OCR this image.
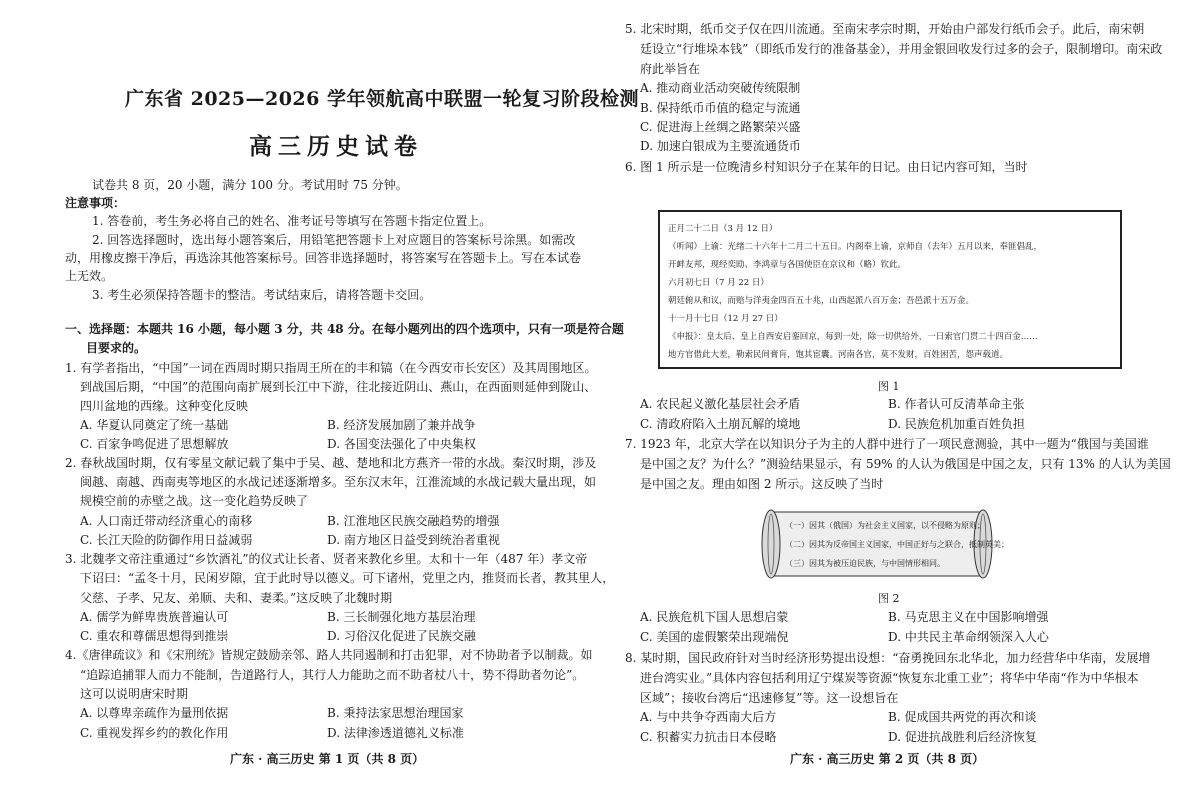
广东省 2025—2026 学年领航高中联盟一轮复习阶段检测
高三历史试卷
试卷共 8 页，20 小题，满分 100 分。考试用时 75 分钟。
注意事项：
1. 答卷前，考生务必将自己的姓名、准考证号等填写在答题卡指定位置上。
2. 回答选择题时，选出每小题答案后，用铅笔把答题卡上对应题目的答案标号涂黑。如需改
动，用橡皮擦干净后，再选涂其他答案标号。回答非选择题时，将答案写在答题卡上。写在本试卷
上无效。
3. 考生必须保持答题卡的整洁。考试结束后，请将答题卡交回。
一、选择题：本题共 16 小题，每小题 3 分，共 48 分。在每小题列出的四个选项中，只有一项是符合题
目要求的。
1. 有学者指出，“中国”一词在西周时期只指周王所在的丰和镐（在今西安市长安区）及其周围地区。
到战国后期，“中国”的范围向南扩展到长江中下游，往北接近阴山、燕山，在西面则延伸到陇山、
四川盆地的西缘。这种变化反映
A. 华夏认同奠定了统一基础	B. 经济发展加剧了兼并战争
C. 百家争鸣促进了思想解放	D. 各国变法强化了中央集权
2. 春秋战国时期，仅有零星文献记载了集中于吴、越、楚地和北方燕齐一带的水战。秦汉时期，涉及
闽越、南越、西南夷等地区的水战记述逐渐增多。至东汉末年，江淮流域的水战记载大量出现，如
规模空前的赤壁之战。这一变化趋势反映了
A. 人口南迁带动经济重心的南移	B. 江淮地区民族交融趋势的增强
C. 长江天险的防御作用日益减弱	D. 南方地区日益受到统治者重视
3. 北魏孝文帝注重通过“乡饮酒礼”的仪式让长者、贤者来教化乡里。太和十一年（487 年）孝文帝
下诏曰：“孟冬十月，民闲岁隙，宜于此时导以德义。可下诸州，党里之内，推贤而长者，教其里人，
父慈、子孝、兄友、弟顺、夫和、妻柔。”这反映了北魏时期
A. 儒学为鲜卑贵族普遍认可	B. 三长制强化地方基层治理
C. 重农和尊儒思想得到推崇	D. 习俗汉化促进了民族交融
4.《唐律疏议》和《宋刑统》皆规定鼓励亲邻、路人共同遏制和打击犯罪，对不协助者予以制裁。如
“追踪追捕罪人而力不能制，告道路行人，其行人力能助之而不助者杖八十，势不得助者勿论”。
这可以说明唐宋时期
A. 以尊卑亲疏作为量刑依据	B. 秉持法家思想治理国家
C. 重视发挥乡约的教化作用	D. 法律渗透道德礼义标准
广东 · 高三历史 第 1 页（共 8 页）
5. 北宋时期，纸币交子仅在四川流通。至南宋孝宗时期，开始由户部发行纸币会子。此后，南宋朝
廷设立“行堆垛本钱”（即纸币发行的准备基金），并用金银回收发行过多的会子，限制增印。南宋政
府此举旨在
A. 推动商业活动突破传统限制
B. 保持纸币币值的稳定与流通
C. 促进海上丝绸之路繁荣兴盛
D. 加速白银成为主要流通货币
6. 图 1 所示是一位晚清乡村知识分子在某年的日记。由日记内容可知，当时
正月二十二日（3 月 12 日）
（听闻）上谕：光绪二十六年十二月二十五日。内阁奉上谕，京师自（去年）五月以来，奉匪倡乱，
开衅友邦，现经奕劻、李鸿章与各国使臣在京议和（略）钦此。
六月初七日（7 月 22 日）
朝廷俯从和议，而赔与洋夷金四百五十兆，山西起派八百万金；吾邑派十五万金。
十一月十七日（12 月 27 日）
《申报》：皇太后、皇上自西安启銮回京，每到一处，除一切供给外，一日索官门贯二十四百金……
地方官借此大差，勒索民间膏肓，饱其宦囊。河南各官，莫不发财，百姓困苦，怨声载道。
图 1
A. 农民起义激化基层社会矛盾	B. 作者认可反清革命主张
C. 清政府陷入土崩瓦解的境地	D. 民族危机加重百姓负担
7. 1923 年，北京大学在以知识分子为主的人群中进行了一项民意测验，其中一题为“俄国与美国谁
是中国之友？为什么？”测验结果显示，有 59% 的人认为俄国是中国之友，只有 13% 的人认为美国
是中国之友。理由如图 2 所示。这反映了当时
（一）因其（俄国）为社会主义国家，以不侵略为原则；
（二）因其为反帝国主义国家，中国正好与之联合，抵制英美；
（三）因其为被压迫民族，与中国情形相同。
图 2
A. 民族危机下国人思想启蒙	B. 马克思主义在中国影响增强
C. 美国的虚假繁荣出现端倪	D. 中共民主革命纲领深入人心
8. 某时期，国民政府针对当时经济形势提出设想：“奋勇挽回东北华北，加力经营华中华南，发展增
进台湾实业。”具体内容包括利用辽宁煤炭等资源“恢复东北重工业”；将华中华南“作为中华根本
区域”；接收台湾后“迅速修复”等。这一设想旨在
A. 与中共争夺西南大后方	B. 促成国共两党的再次和谈
C. 积蓄实力抗击日本侵略	D. 促进抗战胜利后经济恢复
广东 · 高三历史 第 2 页（共 8 页）
